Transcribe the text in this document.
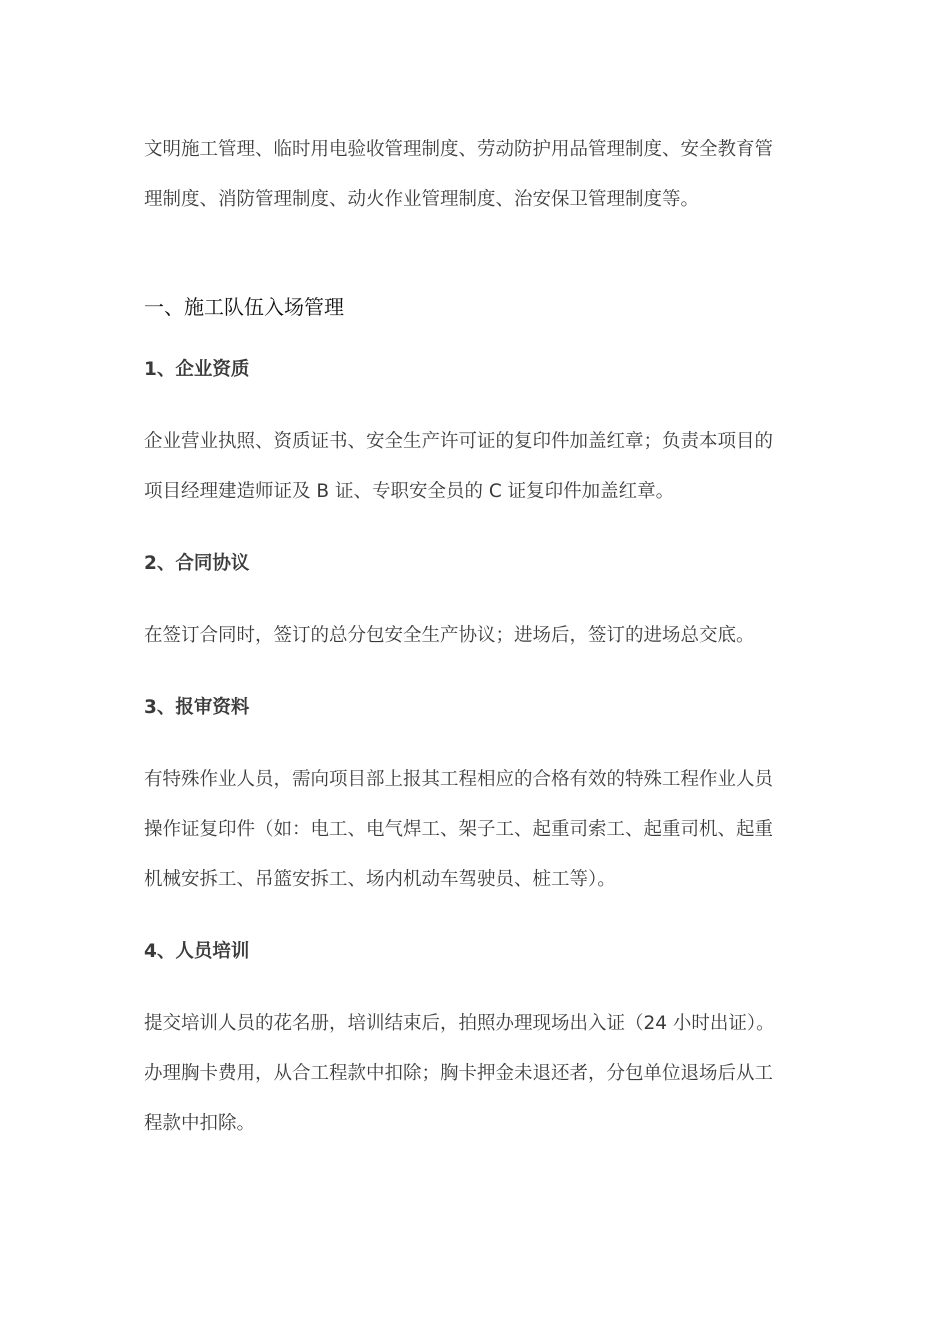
文明施工管理、临时用电验收管理制度、劳动防护用品管理制度、安全教育管
理制度、消防管理制度、动火作业管理制度、治安保卫管理制度等。

一、施工队伍入场管理
1、企业资质

企业营业执照、资质证书、安全生产许可证的复印件加盖红章；负责本项目的
项目经理建造师证及 B 证、专职安全员的 C 证复印件加盖红章。

2、合同协议

在签订合同时，签订的总分包安全生产协议；进场后，签订的进场总交底。

3、报审资料

有特殊作业人员，需向项目部上报其工程相应的合格有效的特殊工程作业人员
操作证复印件（如：电工、电气焊工、架子工、起重司索工、起重司机、起重
机械安拆工、吊篮安拆工、场内机动车驾驶员、桩工等）。

4、人员培训

提交培训人员的花名册，培训结束后，拍照办理现场出入证（24 小时出证）。
办理胸卡费用，从合工程款中扣除；胸卡押金未退还者，分包单位退场后从工
程款中扣除。
